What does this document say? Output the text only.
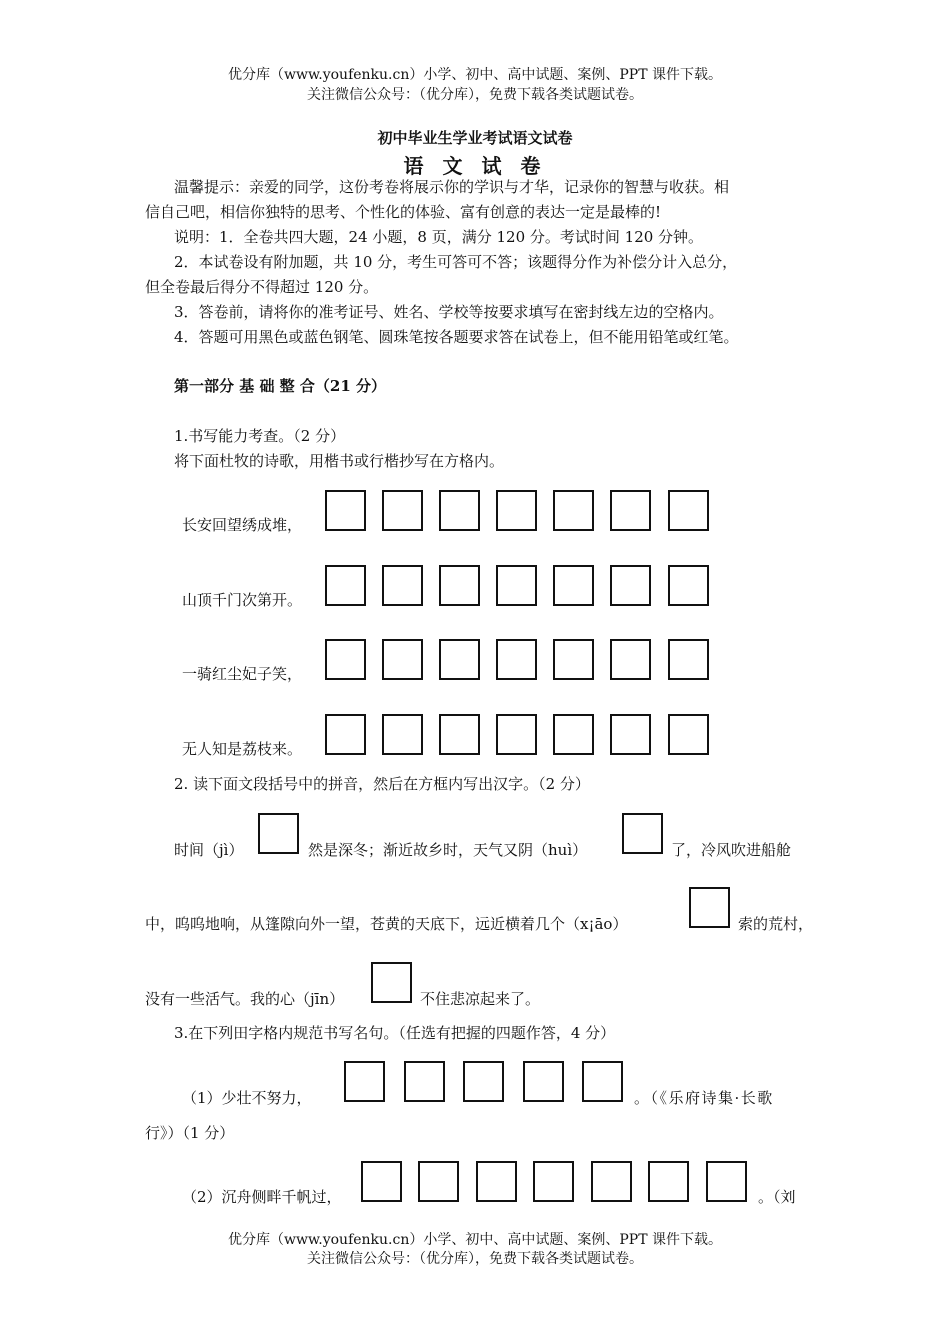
优分库（www.youfenku.cn）小学、初中、高中试题、案例、PPT 课件下载。
关注微信公众号：（优分库），免费下载各类试题试卷。
初中毕业生学业考试语文试卷
语 文 试 卷
温馨提示：亲爱的同学，这份考卷将展示你的学识与才华，记录你的智慧与收获。相
信自己吧，相信你独特的思考、个性化的体验、富有创意的表达一定是最棒的!
说明：1．全卷共四大题，24 小题，8 页，满分 120 分。考试时间 120 分钟。
2．本试卷设有附加题，共 10 分，考生可答可不答；该题得分作为补偿分计入总分，
但全卷最后得分不得超过 120 分。
3．答卷前，请将你的准考证号、姓名、学校等按要求填写在密封线左边的空格内。
4．答题可用黑色或蓝色钢笔、圆珠笔按各题要求答在试卷上，但不能用铅笔或红笔。
第一部分 基 础 整 合（21 分）
1.书写能力考查。（2 分）
将下面杜牧的诗歌，用楷书或行楷抄写在方格内。
长安回望绣成堆，
山顶千门次第开。
一骑红尘妃子笑，
无人知是荔枝来。
2. 读下面文段括号中的拼音，然后在方框内写出汉字。（2 分）
时间（jì）	然是深冬；渐近故乡时，天气又阴（huì）	了，冷风吹进船舱
中，呜呜地响，从篷隙向外一望，苍黄的天底下，远近横着几个（x¡āo）	索的荒村，
没有一些活气。我的心（jīn）	不住悲凉起来了。
3.在下列田字格内规范书写名句。（任选有把握的四题作答，4 分）
（1）少壮不努力，	。（《乐府诗集·长歌
行》）（1 分）
（2）沉舟侧畔千帆过，	。（刘
优分库（www.youfenku.cn）小学、初中、高中试题、案例、PPT 课件下载。
关注微信公众号：（优分库），免费下载各类试题试卷。
